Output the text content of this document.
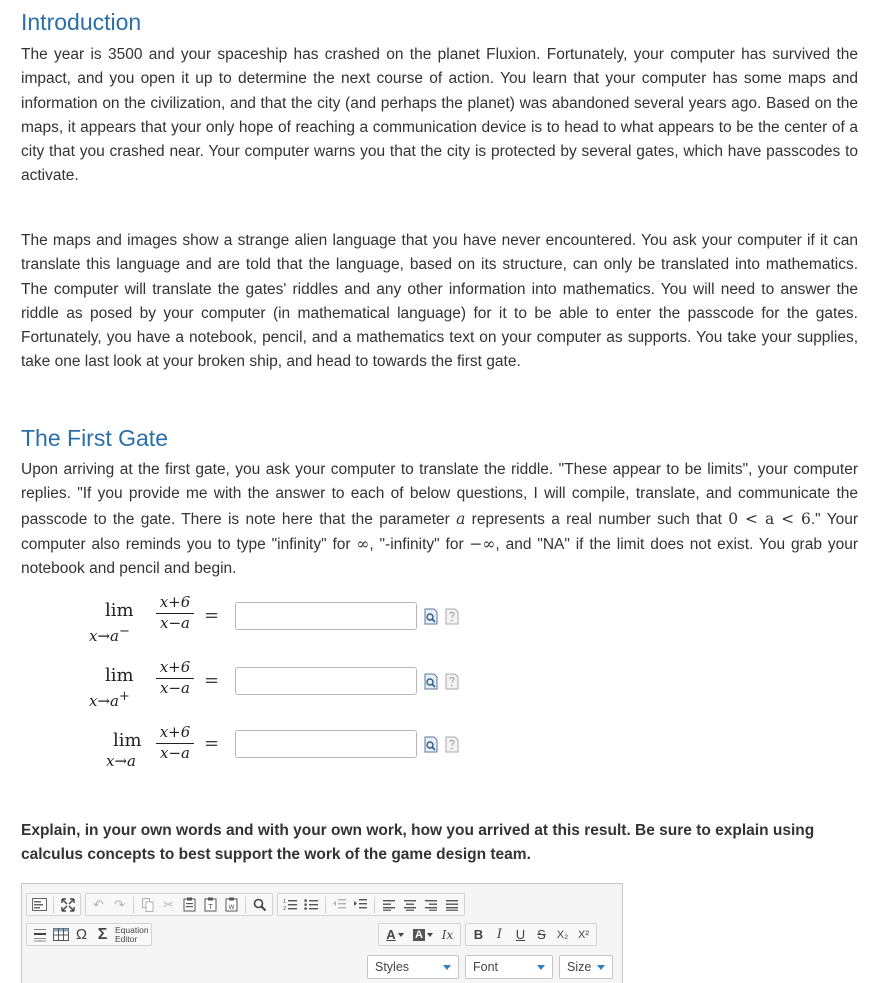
Introduction

The year is 3500 and your spaceship has crashed on the planet Fluxion. Fortunately, your computer has survived the impact, and you open it up to determine the next course of action. You learn that your computer has some maps and information on the civilization, and that the city (and perhaps the planet) was abandoned several years ago. Based on the maps, it appears that your only hope of reaching a communication device is to head to what appears to be the center of a city that you crashed near. Your computer warns you that the city is protected by several gates, which have passcodes to activate.

The maps and images show a strange alien language that you have never encountered. You ask your computer if it can translate this language and are told that the language, based on its structure, can only be translated into mathematics. The computer will translate the gates' riddles and any other information into mathematics. You will need to answer the riddle as posed by your computer (in mathematical language) for it to be able to enter the passcode for the gates. Fortunately, you have a notebook, pencil, and a mathematics text on your computer as supports. You take your supplies, take one last look at your broken ship, and head to towards the first gate.

The First Gate

Upon arriving at the first gate, you ask your computer to translate the riddle. "These appear to be limits", your computer replies. "If you provide me with the answer to each of below questions, I will compile, translate, and communicate the passcode to the gate. There is note here that the parameter a represents a real number such that 0 < a < 6." Your computer also reminds you to type "infinity" for ∞, "-infinity" for −∞, and "NA" if the limit does not exist. You grab your notebook and pencil and begin.

lim
x→a−
x+6
x−a =
lim
x→a+
x+6
x−a =
lim
x→a
x+6
x−a =

Explain, in your own words and with your own work, how you arrived at this result. Be sure to explain using calculus concepts to best support the work of the game design team.

↶ ↷	✂	T	W
1
2
Ω Σ Equation
Editor	A A	Ix	B	I	U S X₂ X²
Styles	Font	Size
